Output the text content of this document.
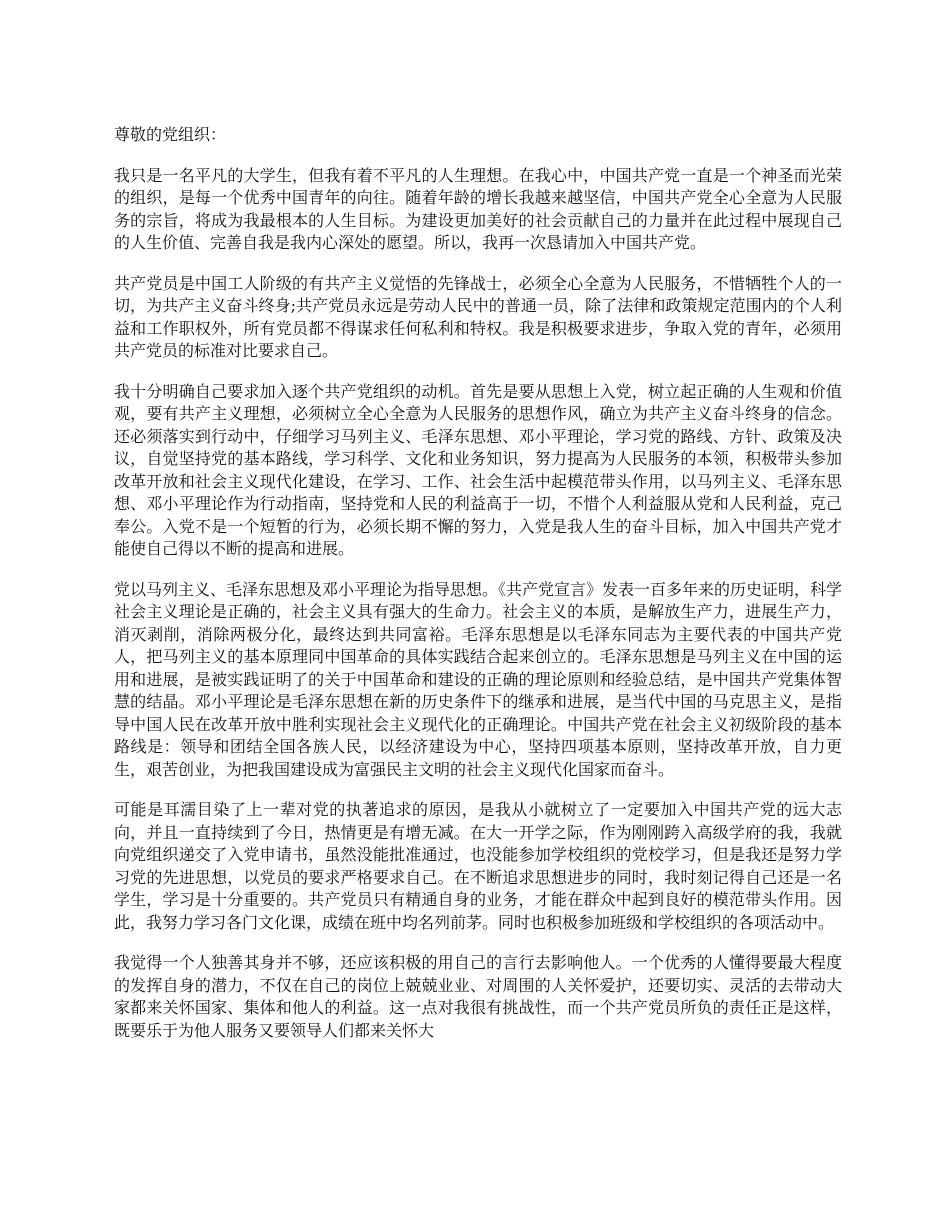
尊敬的党组织：

我只是一名平凡的大学生，但我有着不平凡的人生理想。在我心中，中国共产党一直是一个神圣而光荣的组织，是每一个优秀中国青年的向往。随着年龄的增长我越来越坚信，中国共产党全心全意为人民服务的宗旨，将成为我最根本的人生目标。为建设更加美好的社会贡献自己的力量并在此过程中展现自己的人生价值、完善自我是我内心深处的愿望。所以，我再一次恳请加入中国共产党。

共产党员是中国工人阶级的有共产主义觉悟的先锋战士，必须全心全意为人民服务，不惜牺牲个人的一切，为共产主义奋斗终身;共产党员永远是劳动人民中的普通一员，除了法律和政策规定范围内的个人利益和工作职权外，所有党员都不得谋求任何私利和特权。我是积极要求进步，争取入党的青年，必须用共产党员的标准对比要求自己。

我十分明确自己要求加入逐个共产党组织的动机。首先是要从思想上入党，树立起正确的人生观和价值观，要有共产主义理想，必须树立全心全意为人民服务的思想作风，确立为共产主义奋斗终身的信念。还必须落实到行动中，仔细学习马列主义、毛泽东思想、邓小平理论，学习党的路线、方针、政策及决议，自觉坚持党的基本路线，学习科学、文化和业务知识，努力提高为人民服务的本领，积极带头参加改革开放和社会主义现代化建设，在学习、工作、社会生活中起模范带头作用，以马列主义、毛泽东思想、邓小平理论作为行动指南，坚持党和人民的利益高于一切，不惜个人利益服从党和人民利益，克己奉公。入党不是一个短暂的行为，必须长期不懈的努力，入党是我人生的奋斗目标，加入中国共产党才能使自己得以不断的提高和进展。

党以马列主义、毛泽东思想及邓小平理论为指导思想。《共产党宣言》发表一百多年来的历史证明，科学社会主义理论是正确的，社会主义具有强大的生命力。社会主义的本质，是解放生产力，进展生产力，消灭剥削，消除两极分化，最终达到共同富裕。毛泽东思想是以毛泽东同志为主要代表的中国共产党人，把马列主义的基本原理同中国革命的具体实践结合起来创立的。毛泽东思想是马列主义在中国的运用和进展，是被实践证明了的关于中国革命和建设的正确的理论原则和经验总结，是中国共产党集体智慧的结晶。邓小平理论是毛泽东思想在新的历史条件下的继承和进展，是当代中国的马克思主义，是指导中国人民在改革开放中胜利实现社会主义现代化的正确理论。中国共产党在社会主义初级阶段的基本路线是：领导和团结全国各族人民，以经济建设为中心，坚持四项基本原则，坚持改革开放，自力更生，艰苦创业，为把我国建设成为富强民主文明的社会主义现代化国家而奋斗。

可能是耳濡目染了上一辈对党的执著追求的原因，是我从小就树立了一定要加入中国共产党的远大志向，并且一直持续到了今日，热情更是有增无减。在大一开学之际，作为刚刚跨入高级学府的我，我就向党组织递交了入党申请书，虽然没能批准通过，也没能参加学校组织的党校学习，但是我还是努力学习党的先进思想，以党员的要求严格要求自己。在不断追求思想进步的同时，我时刻记得自己还是一名学生，学习是十分重要的。共产党员只有精通自身的业务，才能在群众中起到良好的模范带头作用。因此，我努力学习各门文化课，成绩在班中均名列前茅。同时也积极参加班级和学校组织的各项活动中。

我觉得一个人独善其身并不够，还应该积极的用自己的言行去影响他人。一个优秀的人懂得要最大程度的发挥自身的潜力，不仅在自己的岗位上兢兢业业、对周围的人关怀爱护，还要切实、灵活的去带动大家都来关怀国家、集体和他人的利益。这一点对我很有挑战性，而一个共产党员所负的责任正是这样，既要乐于为他人服务又要领导人们都来关怀大
